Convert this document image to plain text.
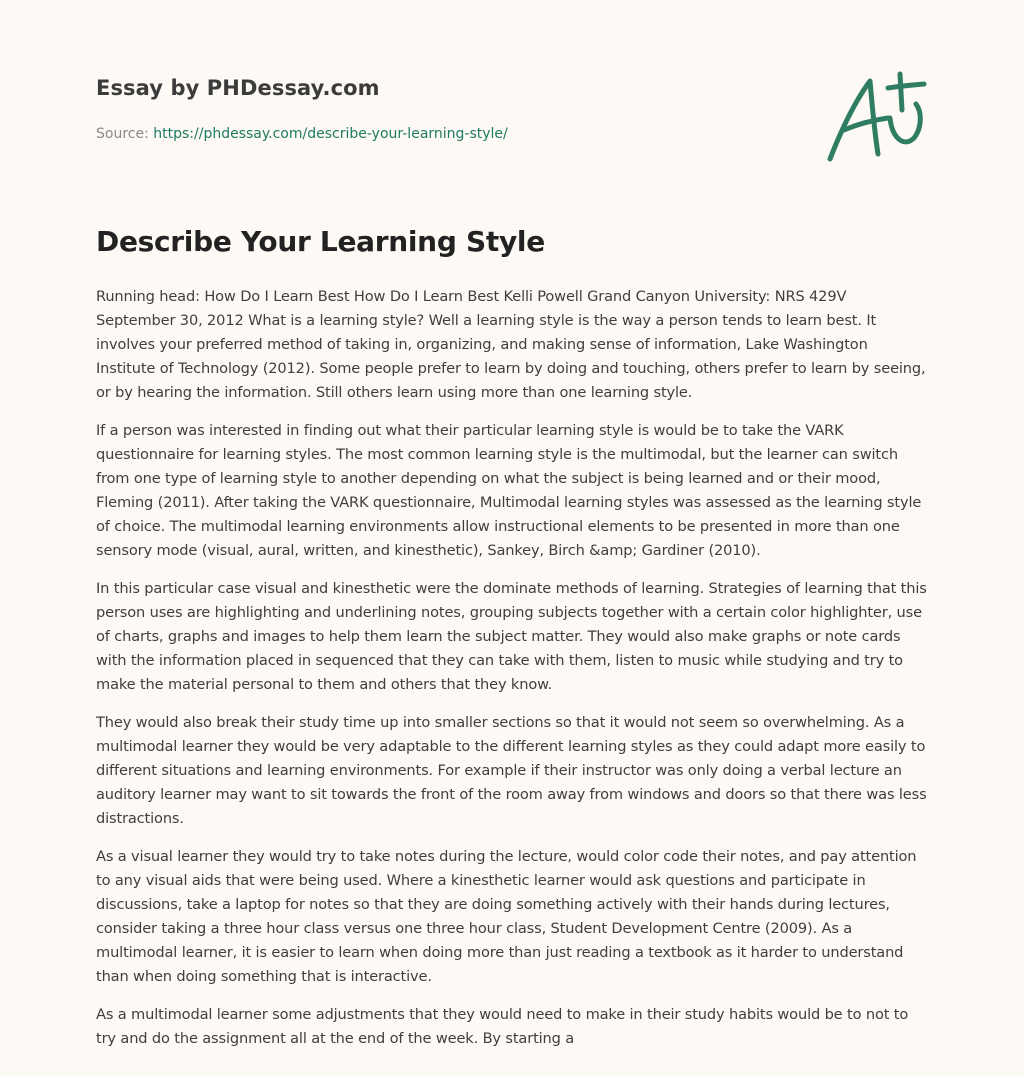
Essay by PHDessay.com
Source: https://phdessay.com/describe-your-learning-style/
Describe Your Learning Style

Running head: How Do I Learn Best How Do I Learn Best Kelli Powell Grand Canyon University: NRS 429V September 30, 2012 What is a learning style? Well a learning style is the way a person tends to learn best. It involves your preferred method of taking in, organizing, and making sense of information, Lake Washington Institute of Technology (2012). Some people prefer to learn by doing and touching, others prefer to learn by seeing, or by hearing the information. Still others learn using more than one learning style.

If a person was interested in finding out what their particular learning style is would be to take the VARK questionnaire for learning styles. The most common learning style is the multimodal, but the learner can switch from one type of learning style to another depending on what the subject is being learned and or their mood, Fleming (2011). After taking the VARK questionnaire, Multimodal learning styles was assessed as the learning style of choice. The multimodal learning environments allow instructional elements to be presented in more than one sensory mode (visual, aural, written, and kinesthetic), Sankey, Birch &amp; Gardiner (2010).

In this particular case visual and kinesthetic were the dominate methods of learning. Strategies of learning that this person uses are highlighting and underlining notes, grouping subjects together with a certain color highlighter, use of charts, graphs and images to help them learn the subject matter. They would also make graphs or note cards with the information placed in sequenced that they can take with them, listen to music while studying and try to make the material personal to them and others that they know.

They would also break their study time up into smaller sections so that it would not seem so overwhelming. As a multimodal learner they would be very adaptable to the different learning styles as they could adapt more easily to different situations and learning environments. For example if their instructor was only doing a verbal lecture an auditory learner may want to sit towards the front of the room away from windows and doors so that there was less distractions.

As a visual learner they would try to take notes during the lecture, would color code their notes, and pay attention to any visual aids that were being used. Where a kinesthetic learner would ask questions and participate in discussions, take a laptop for notes so that they are doing something actively with their hands during lectures, consider taking a three hour class versus one three hour class, Student Development Centre (2009). As a multimodal learner, it is easier to learn when doing more than just reading a textbook as it harder to understand than when doing something that is interactive.

As a multimodal learner some adjustments that they would need to make in their study habits would be to not to try and do the assignment all at the end of the week. By starting a
